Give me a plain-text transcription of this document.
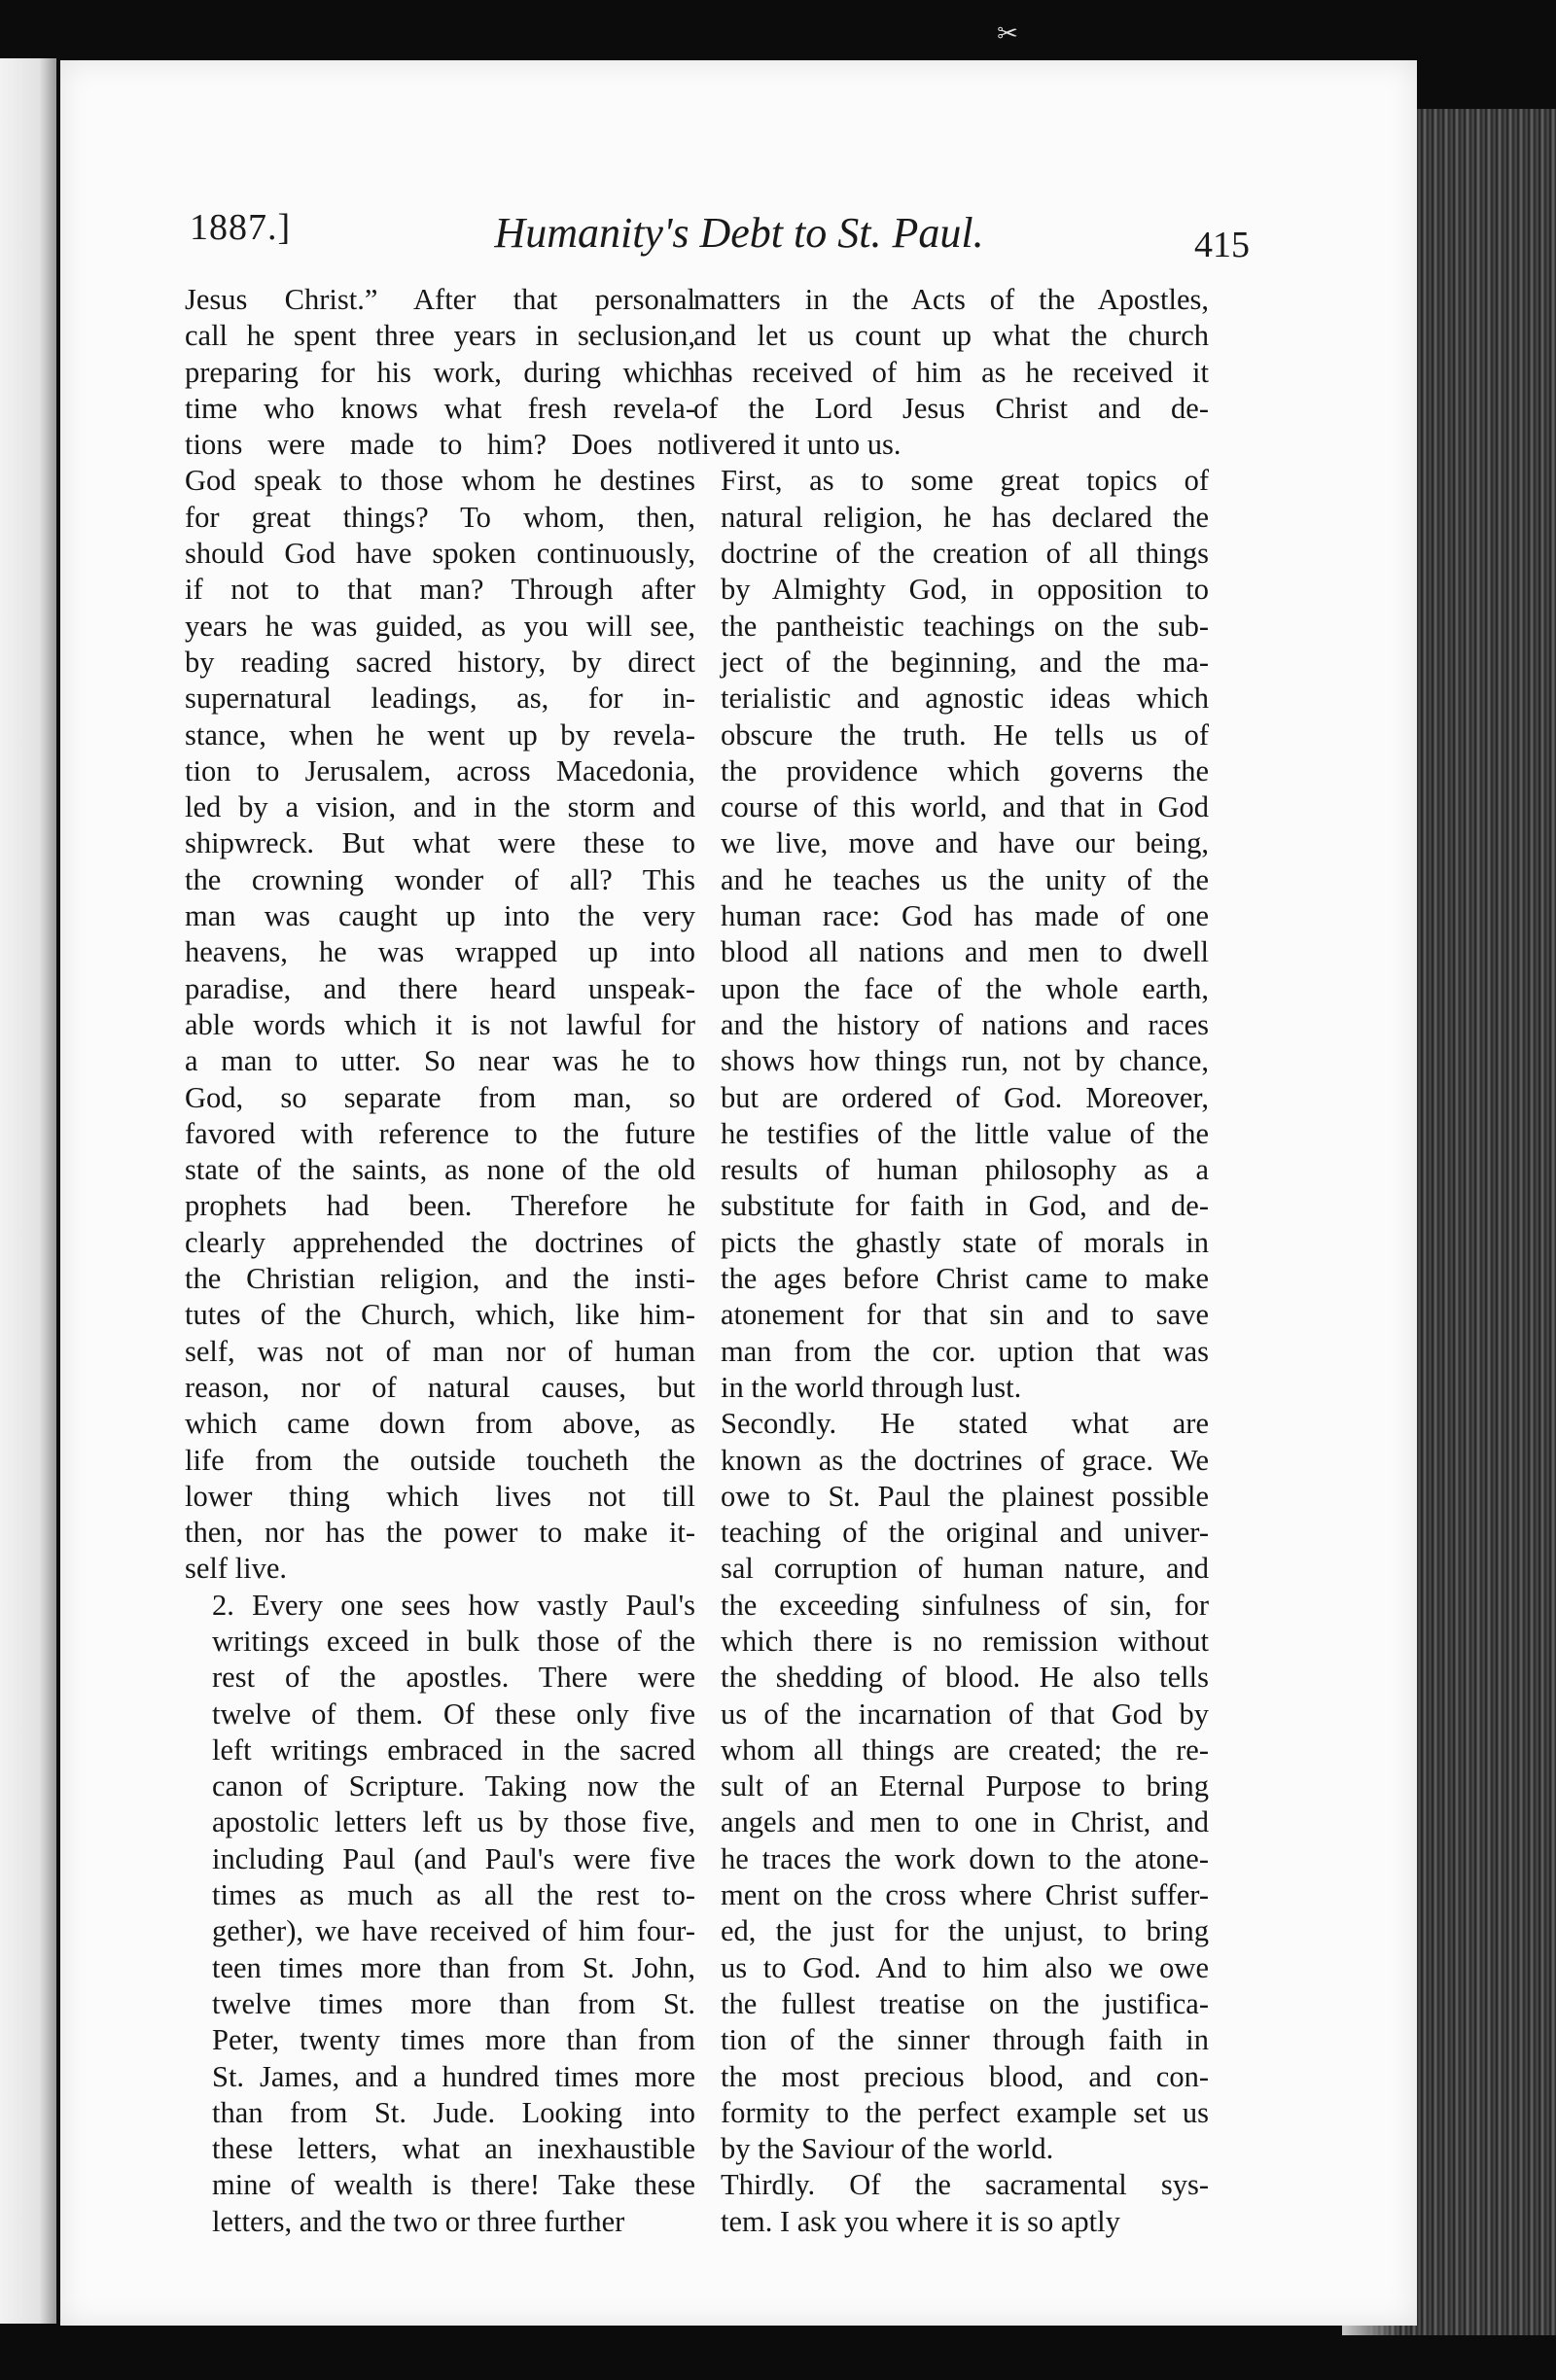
✂
1887.]	Humanity's Debt to St. Paul.	415

Jesus Christ.” After that personal
call he spent three years in seclusion,
preparing for his work, during which
time who knows what fresh revela-
tions were made to him? Does not
God speak to those whom he destines
for great things? To whom, then,
should God have spoken continuously,
if not to that man? Through after
years he was guided, as you will see,
by reading sacred history, by direct
supernatural leadings, as, for in-
stance, when he went up by revela-
tion to Jerusalem, across Macedonia,
led by a vision, and in the storm and
shipwreck. But what were these to
the crowning wonder of all? This
man was caught up into the very
heavens, he was wrapped up into
paradise, and there heard unspeak-
able words which it is not lawful for
a man to utter. So near was he to
God, so separate from man, so
favored with reference to the future
state of the saints, as none of the old
prophets had been. Therefore he
clearly apprehended the doctrines of
the Christian religion, and the insti-
tutes of the Church, which, like him-
self, was not of man nor of human
reason, nor of natural causes, but
which came down from above, as
life from the outside toucheth the
lower thing which lives not till
then, nor has the power to make it-
self live.

2. Every one sees how vastly Paul's
writings exceed in bulk those of the
rest of the apostles. There were
twelve of them. Of these only five
left writings embraced in the sacred
canon of Scripture. Taking now the
apostolic letters left us by those five,
including Paul (and Paul's were five
times as much as all the rest to-
gether), we have received of him four-
teen times more than from St. John,
twelve times more than from St.
Peter, twenty times more than from
St. James, and a hundred times more
than from St. Jude. Looking into
these letters, what an inexhaustible
mine of wealth is there! Take these
letters, and the two or three further

matters in the Acts of the Apostles,
and let us count up what the church
has received of him as he received it
of the Lord Jesus Christ and de-
livered it unto us.

First, as to some great topics of
natural religion, he has declared the
doctrine of the creation of all things
by Almighty God, in opposition to
the pantheistic teachings on the sub-
ject of the beginning, and the ma-
terialistic and agnostic ideas which
obscure the truth. He tells us of
the providence which governs the
course of this world, and that in God
we live, move and have our being,
and he teaches us the unity of the
human race: God has made of one
blood all nations and men to dwell
upon the face of the whole earth,
and the history of nations and races
shows how things run, not by chance,
but are ordered of God. Moreover,
he testifies of the little value of the
results of human philosophy as a
substitute for faith in God, and de-
picts the ghastly state of morals in
the ages before Christ came to make
atonement for that sin and to save
man from the cor. uption that was
in the world through lust.

Secondly. He stated what are
known as the doctrines of grace. We
owe to St. Paul the plainest possible
teaching of the original and univer-
sal corruption of human nature, and
the exceeding sinfulness of sin, for
which there is no remission without
the shedding of blood. He also tells
us of the incarnation of that God by
whom all things are created; the re-
sult of an Eternal Purpose to bring
angels and men to one in Christ, and
he traces the work down to the atone-
ment on the cross where Christ suffer-
ed, the just for the unjust, to bring
us to God. And to him also we owe
the fullest treatise on the justifica-
tion of the sinner through faith in
the most precious blood, and con-
formity to the perfect example set us
by the Saviour of the world.

Thirdly. Of the sacramental sys-
tem. I ask you where it is so aptly
